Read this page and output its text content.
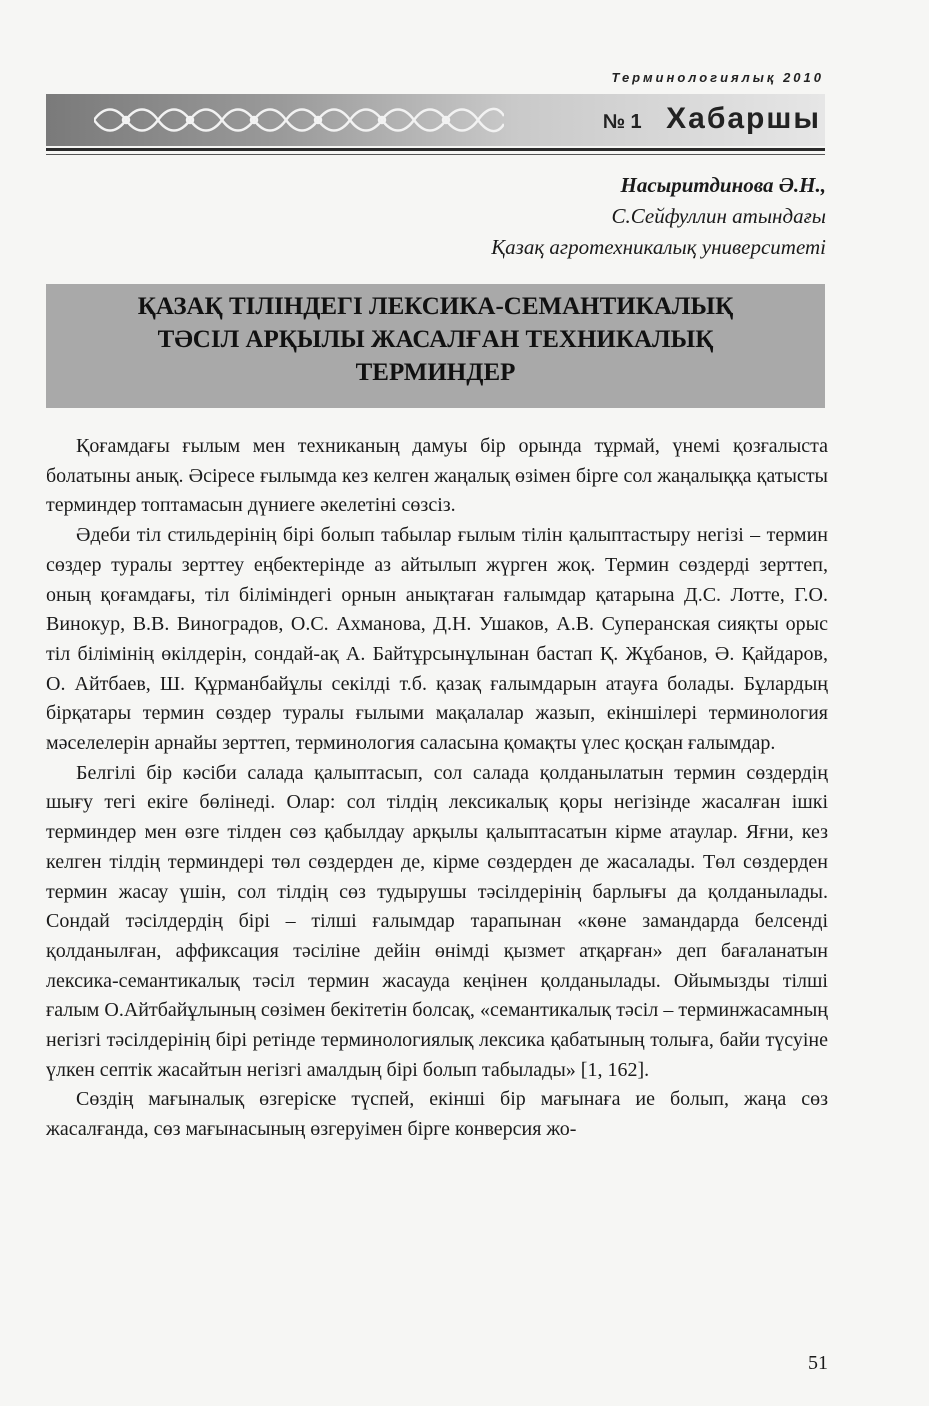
Терминологиялық 2010
№ 1 Хабаршы
Насыритдинова Ә.Н.,
С.Сейфуллин атындағы
Қазақ агротехникалық университеті
ҚАЗАҚ ТІЛІНДЕГІ ЛЕКСИКА-СЕМАНТИКАЛЫҚ
ТӘСІЛ АРҚЫЛЫ ЖАСАЛҒАН ТЕХНИКАЛЫҚ
ТЕРМИНДЕР

Қоғамдағы ғылым мен техниканың дамуы бір орында тұрмай, үнемі қозғалыста болатыны анық. Әсіресе ғылымда кез келген жаңалық өзімен бірге сол жаңалыққа қатысты терминдер топтамасын дүниеге әкелетіні сөзсіз.

Әдеби тіл стильдерінің бірі болып табылар ғылым тілін қалыптастыру негізі – термин сөздер туралы зерттеу еңбектерінде аз айтылып жүрген жоқ. Термин сөздерді зерттеп, оның қоғамдағы, тіл біліміндегі орнын анықтаған ғалымдар қатарына Д.С. Лотте, Г.О. Винокур, В.В. Виноградов, О.С. Ахманова, Д.Н. Ушаков, А.В. Суперанская сияқты орыс тіл білімінің өкілдерін, сондай-ақ А. Байтұрсынұлынан бастап Қ. Жұбанов, Ә. Қайдаров, О. Айтбаев, Ш. Құрманбайұлы секілді т.б. қазақ ғалымдарын атауға болады. Бұлардың бірқатары термин сөздер туралы ғылыми мақалалар жазып, екіншілері терминология мәселелерін арнайы зерттеп, терминология саласына қомақты үлес қосқан ғалымдар.

Белгілі бір кәсіби салада қалыптасып, сол салада қолданылатын термин сөздердің шығу тегі екіге бөлінеді. Олар: сол тілдің лексикалық қоры негізінде жасалған ішкі терминдер мен өзге тілден сөз қабылдау арқылы қалыптасатын кірме атаулар. Яғни, кез келген тілдің терминдері төл сөздерден де, кірме сөздерден де жасалады. Төл сөздерден термин жасау үшін, сол тілдің сөз тудырушы тәсілдерінің барлығы да қолданылады. Сондай тәсілдердің бірі – тілші ғалымдар тарапынан «көне замандарда белсенді қолданылған, аффиксация тәсіліне дейін өнімді қызмет атқарған» деп бағаланатын лексика-семантикалық тәсіл термин жасауда кеңінен қолданылады. Ойымызды тілші ғалым О.Айтбайұлының сөзімен бекітетін болсақ, «семантикалық тәсіл – терминжасамның негізгі тәсілдерінің бірі ретінде терминологиялық лексика қабатының толыға, байи түсуіне үлкен септік жасайтын негізгі амалдың бірі болып табылады» [1, 162].

Сөздің мағыналық өзгеріске түспей, екінші бір мағынаға ие болып, жаңа сөз жасалғанда, сөз мағынасының өзгеруімен бірге конверсия жо-

51
